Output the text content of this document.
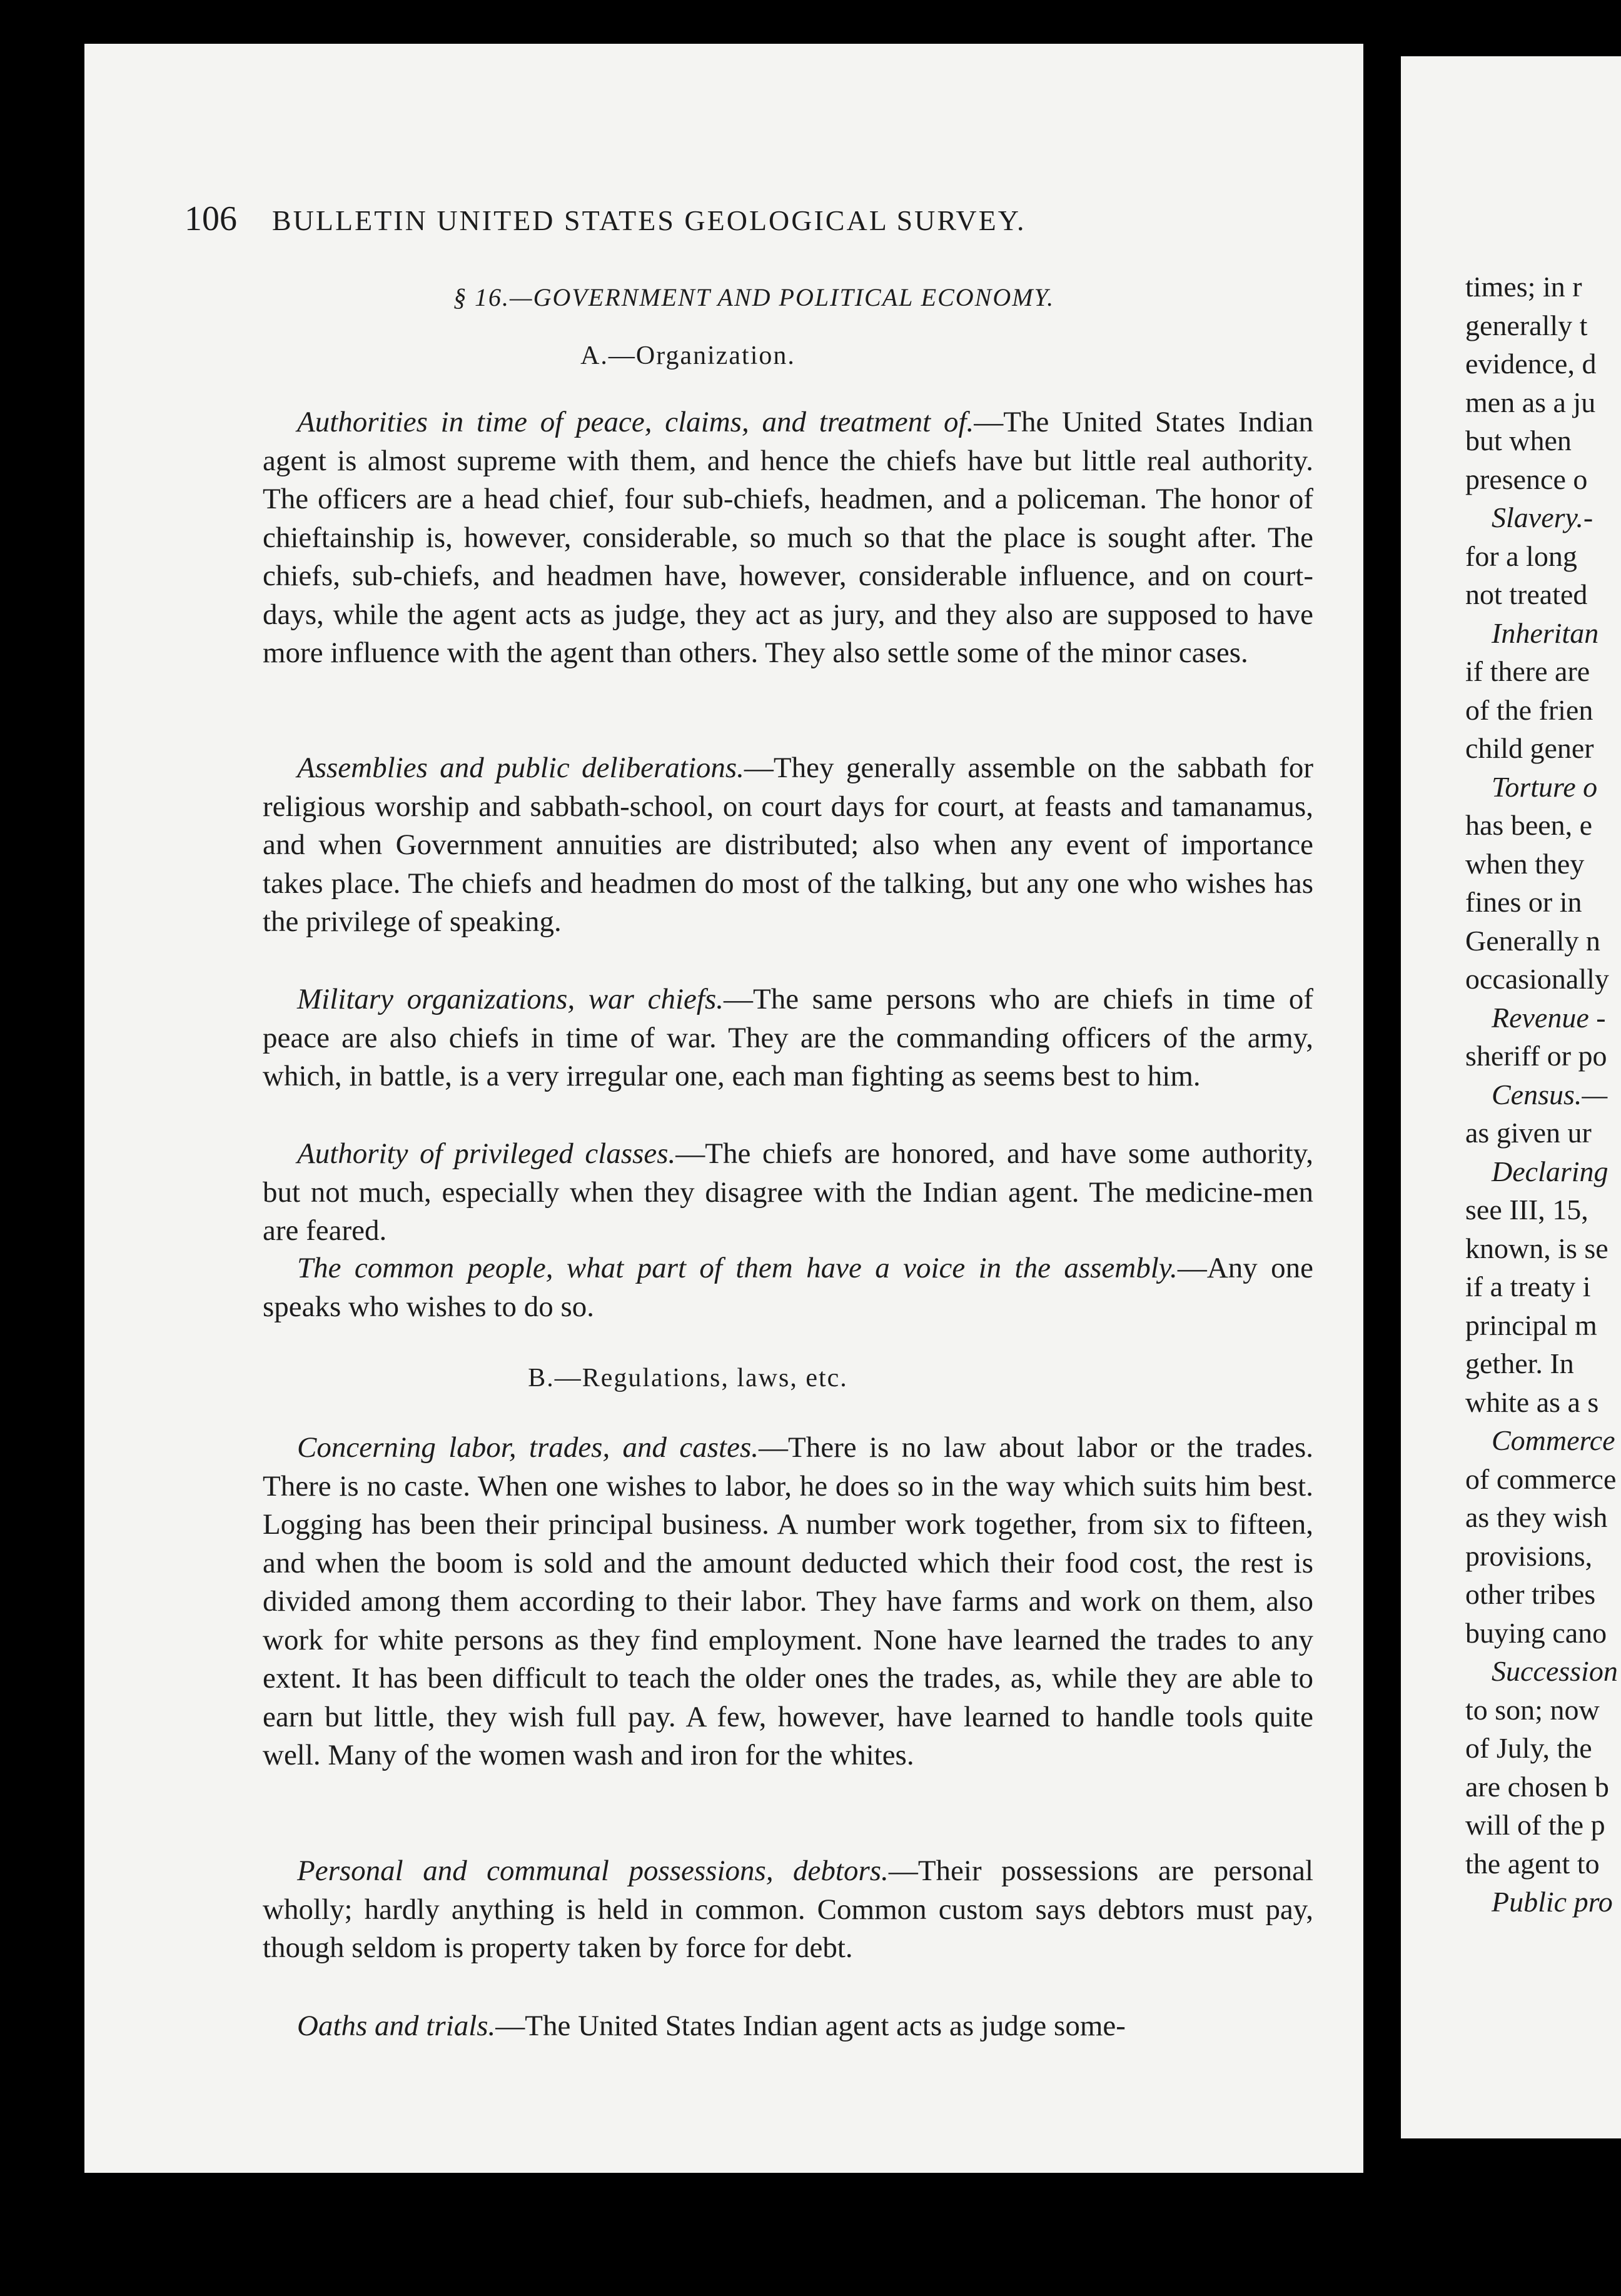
106 BULLETIN UNITED STATES GEOLOGICAL SURVEY.
§ 16.—GOVERNMENT AND POLITICAL ECONOMY.
A.—Organization.

Authorities in time of peace, claims, and treatment of.—The United States Indian agent is almost supreme with them, and hence the chiefs have but little real authority. The officers are a head chief, four sub-chiefs, headmen, and a policeman. The honor of chieftainship is, however, considerable, so much so that the place is sought after. The chiefs, sub-chiefs, and headmen have, however, considerable influence, and on court-days, while the agent acts as judge, they act as jury, and they also are supposed to have more influence with the agent than others. They also settle some of the minor cases.

Assemblies and public deliberations.—They generally assemble on the sabbath for religious worship and sabbath-school, on court days for court, at feasts and tamanamus, and when Government annuities are distributed; also when any event of importance takes place. The chiefs and headmen do most of the talking, but any one who wishes has the privilege of speaking.

Military organizations, war chiefs.—The same persons who are chiefs in time of peace are also chiefs in time of war. They are the commanding officers of the army, which, in battle, is a very irregular one, each man fighting as seems best to him.

Authority of privileged classes.—The chiefs are honored, and have some authority, but not much, especially when they disagree with the Indian agent. The medicine-men are feared.

The common people, what part of them have a voice in the assembly.—Any one speaks who wishes to do so.

B.—Regulations, laws, etc.

Concerning labor, trades, and castes.—There is no law about labor or the trades. There is no caste. When one wishes to labor, he does so in the way which suits him best. Logging has been their principal business. A number work together, from six to fifteen, and when the boom is sold and the amount deducted which their food cost, the rest is divided among them according to their labor. They have farms and work on them, also work for white persons as they find employment. None have learned the trades to any extent. It has been difficult to teach the older ones the trades, as, while they are able to earn but little, they wish full pay. A few, however, have learned to handle tools quite well. Many of the women wash and iron for the whites.

Personal and communal possessions, debtors.—Their possessions are personal wholly; hardly anything is held in common. Common custom says debtors must pay, though seldom is property taken by force for debt.

Oaths and trials.—The United States Indian agent acts as judge some-

times; in r
generally t
evidence, d
men as a ju
but when
presence o
Slavery.-
for a long
not treated
Inheritan
if there are
of the frien
child gener
Torture o
has been, e
when they
fines or in
Generally n
occasionally
Revenue -
sheriff or po
Census.—
as given ur
Declaring
see III, 15,
known, is se
if a treaty i
principal m
gether. In
white as a s
Commerce
of commerce
as they wish
provisions,
other tribes
buying cano
Succession
to son; now
of July, the
are chosen b
will of the p
the agent to
Public pro
